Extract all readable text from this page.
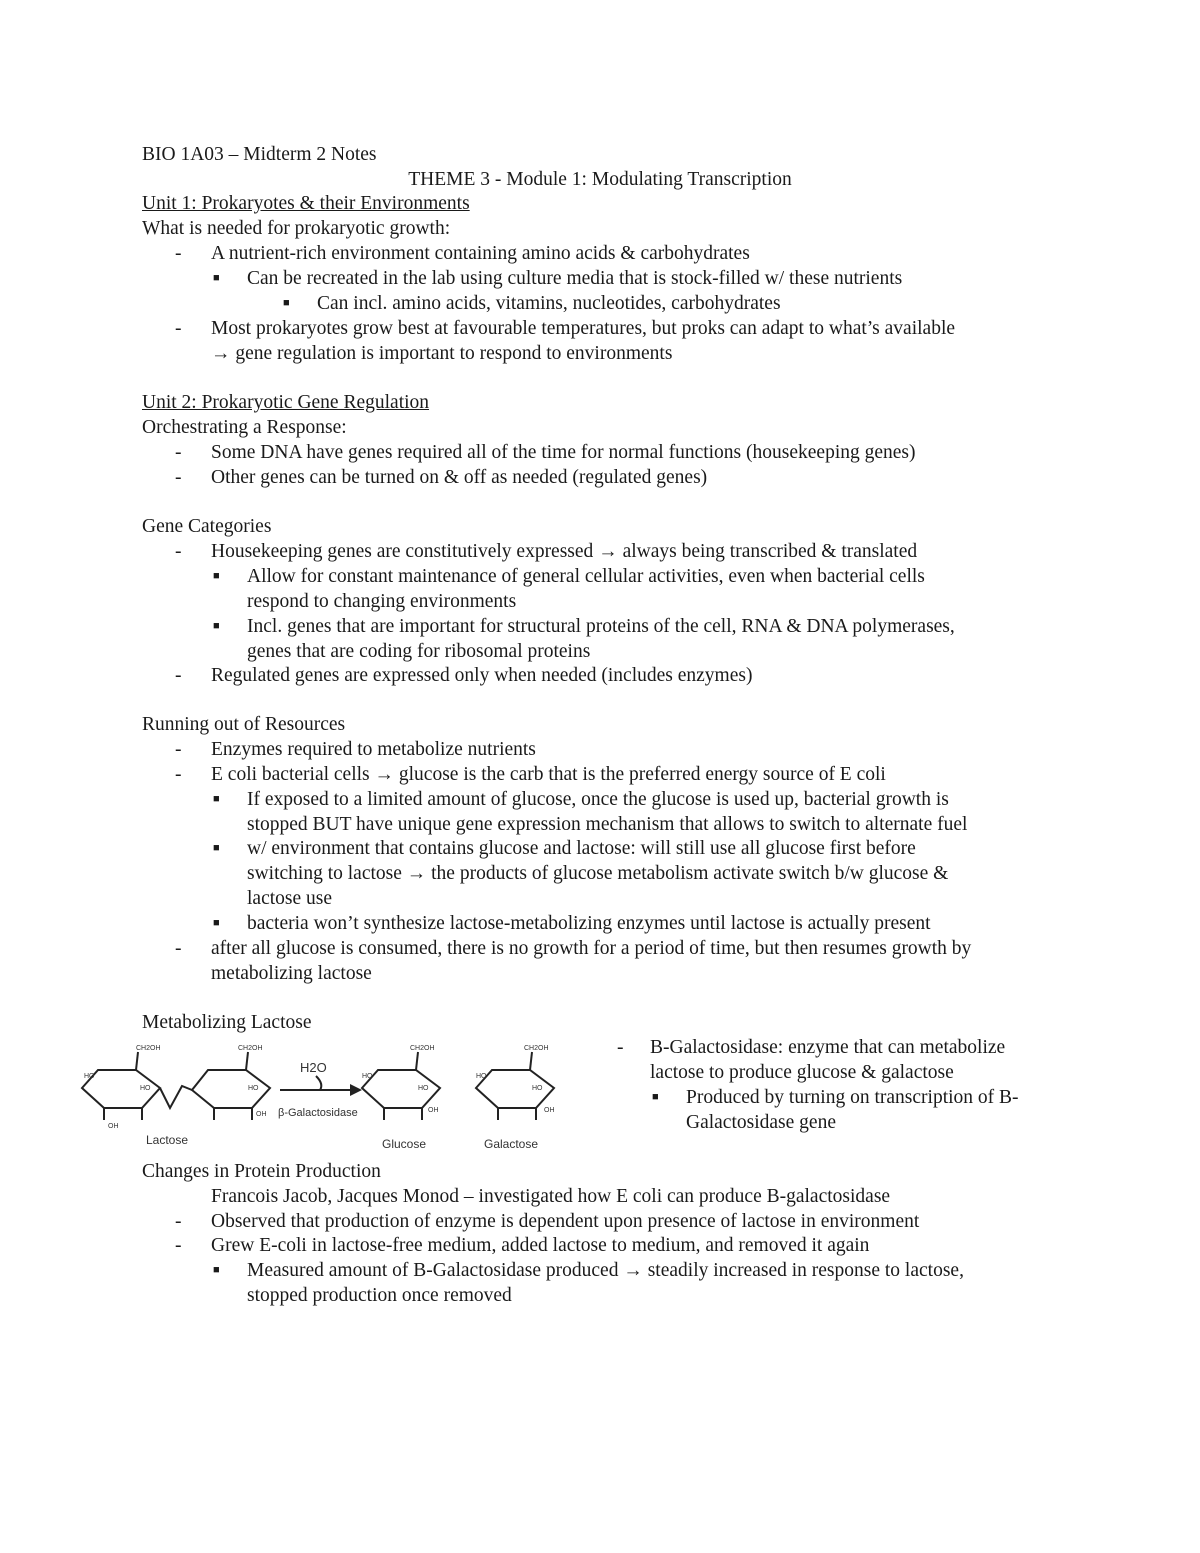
BIO 1A03 – Midterm 2 Notes
THEME 3 - Module 1: Modulating Transcription
Unit 1: Prokaryotes & their Environments
What is needed for prokaryotic growth:
- A nutrient-rich environment containing amino acids & carbohydrates
■ Can be recreated in the lab using culture media that is stock-filled w/ these nutrients
■ Can incl. amino acids, vitamins, nucleotides, carbohydrates
- Most prokaryotes grow best at favourable temperatures, but proks can adapt to what’s available
→ gene regulation is important to respond to environments
Unit 2: Prokaryotic Gene Regulation
Orchestrating a Response:
- Some DNA have genes required all of the time for normal functions (housekeeping genes)
- Other genes can be turned on & off as needed (regulated genes)
Gene Categories
- Housekeeping genes are constitutively expressed → always being transcribed & translated
■ Allow for constant maintenance of general cellular activities, even when bacterial cells
respond to changing environments
■ Incl. genes that are important for structural proteins of the cell, RNA & DNA polymerases,
genes that are coding for ribosomal proteins
- Regulated genes are expressed only when needed (includes enzymes)
Running out of Resources
- Enzymes required to metabolize nutrients
- E coli bacterial cells → glucose is the carb that is the preferred energy source of E coli
■ If exposed to a limited amount of glucose, once the glucose is used up, bacterial growth is
stopped BUT have unique gene expression mechanism that allows to switch to alternate fuel
■ w/ environment that contains glucose and lactose: will still use all glucose first before
switching to lactose → the products of glucose metabolism activate switch b/w glucose &
lactose use
■ bacteria won’t synthesize lactose-metabolizing enzymes until lactose is actually present
- after all glucose is consumed, there is no growth for a period of time, but then resumes growth by
metabolizing lactose
Metabolizing Lactose
CH2OH	CH2OH	CH2OH	CH2OH
HO	HO	HO
HO	HO	HO	HO
OH
OH
OH	OH
H2O
β-Galactosidase
Lactose	Glucose	Galactose
- B-Galactosidase: enzyme that can metabolize
lactose to produce glucose & galactose
■ Produced by turning on transcription of B-
Galactosidase gene
Changes in Protein Production
Francois Jacob, Jacques Monod – investigated how E coli can produce B-galactosidase
- Observed that production of enzyme is dependent upon presence of lactose in environment
- Grew E-coli in lactose-free medium, added lactose to medium, and removed it again
■ Measured amount of B-Galactosidase produced → steadily increased in response to lactose,
stopped production once removed
